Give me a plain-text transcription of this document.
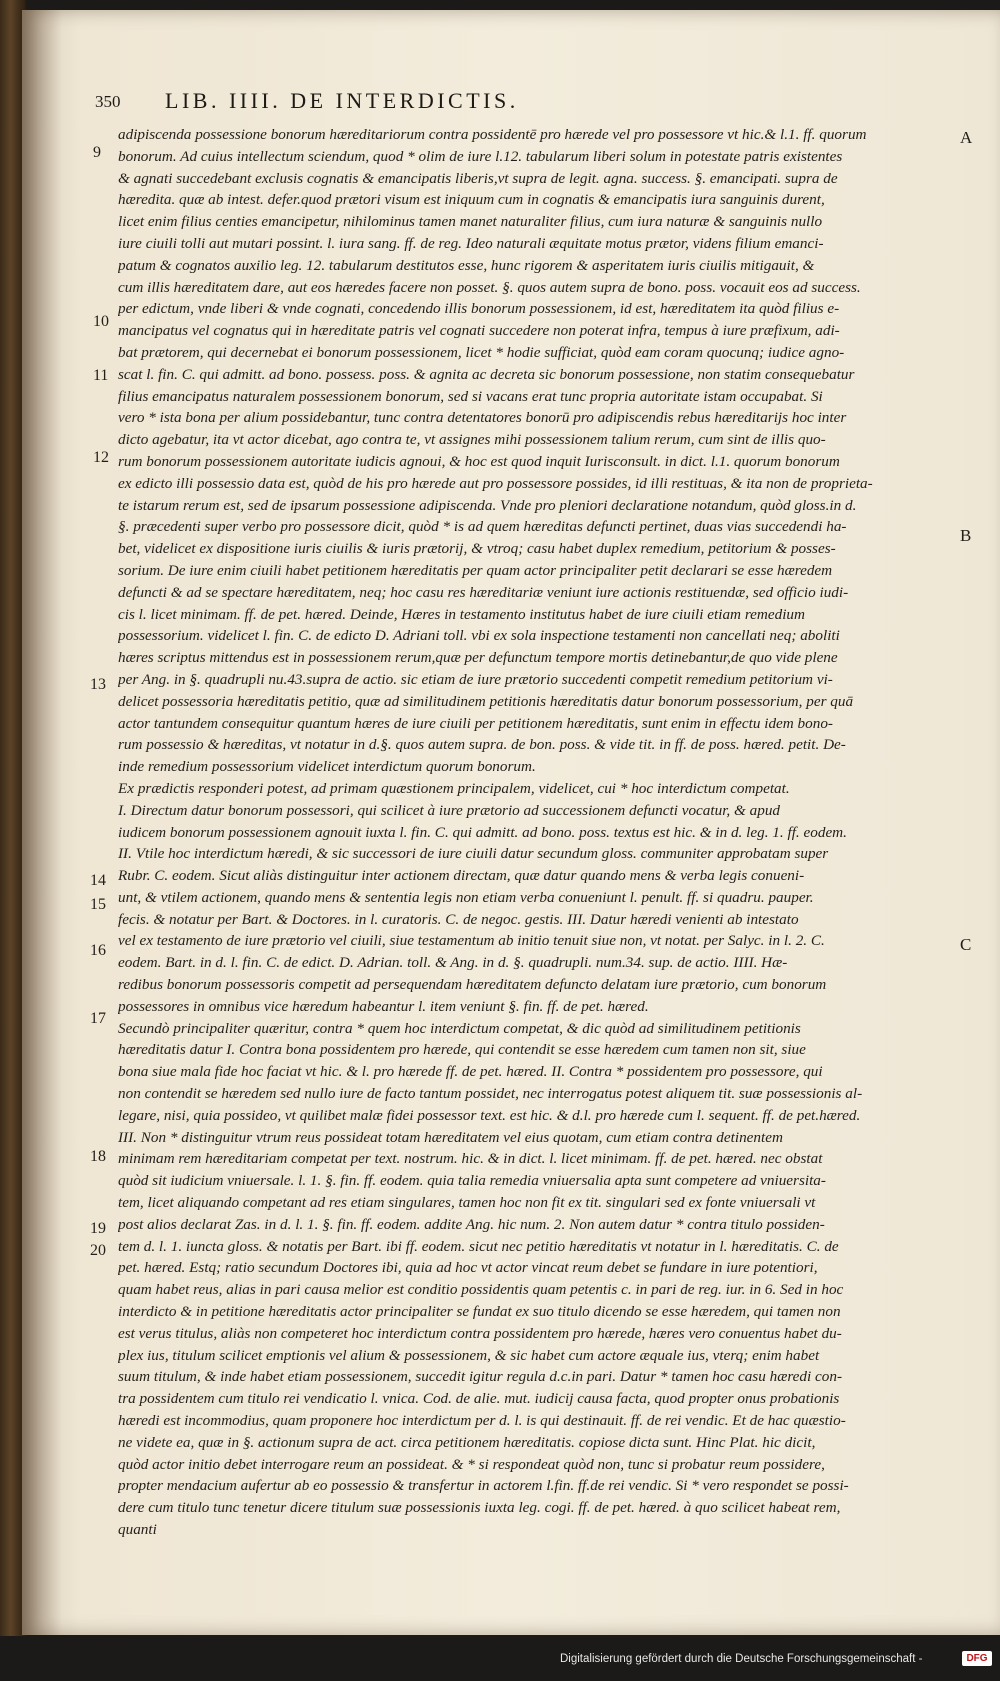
350 LIB. IIII. DE INTERDICTIS.
adipiscenda possessione bonorum hæreditariorum contra possidentē pro hærede vel pro possessore vt hic.& l.1. ff. quorum
bonorum. Ad cuius intellectum sciendum, quod * olim de iure l.12. tabularum liberi solum in potestate patris existentes
& agnati succedebant exclusis cognatis & emancipatis liberis,vt supra de legit. agna. success. §. emancipati. supra de
hæredita. quæ ab intest. defer.quod prætori visum est iniquum cum in cognatis & emancipatis iura sanguinis durent,
licet enim filius centies emancipetur, nihilominus tamen manet naturaliter filius, cum iura naturæ & sanguinis nullo
iure ciuili tolli aut mutari possint. l. iura sang. ff. de reg. Ideo naturali æquitate motus prætor, videns filium emanci-
patum & cognatos auxilio leg. 12. tabularum destitutos esse, hunc rigorem & asperitatem iuris ciuilis mitigauit, &
cum illis hæreditatem dare, aut eos hæredes facere non posset. §. quos autem supra de bono. poss. vocauit eos ad success.
per edictum, vnde liberi & vnde cognati, concedendo illis bonorum possessionem, id est, hæreditatem ita quòd filius e-
mancipatus vel cognatus qui in hæreditate patris vel cognati succedere non poterat infra, tempus à iure præfixum, adi-
bat prætorem, qui decernebat ei bonorum possessionem, licet * hodie sufficiat, quòd eam coram quocunq; iudice agno-
scat l. fin. C. qui admitt. ad bono. possess. poss. & agnita ac decreta sic bonorum possessione, non statim consequebatur
filius emancipatus naturalem possessionem bonorum, sed si vacans erat tunc propria autoritate istam occupabat. Si
vero * ista bona per alium possidebantur, tunc contra detentatores bonorū pro adipiscendis rebus hæreditarijs hoc inter
dicto agebatur, ita vt actor dicebat, ago contra te, vt assignes mihi possessionem talium rerum, cum sint de illis quo-
rum bonorum possessionem autoritate iudicis agnoui, & hoc est quod inquit Iurisconsult. in dict. l.1. quorum bonorum
ex edicto illi possessio data est, quòd de his pro hærede aut pro possessore possides, id illi restituas, & ita non de proprieta-
te istarum rerum est, sed de ipsarum possessione adipiscenda. Vnde pro pleniori declaratione notandum, quòd gloss.in d.
§. præcedenti super verbo pro possessore dicit, quòd * is ad quem hæreditas defuncti pertinet, duas vias succedendi ha-
bet, videlicet ex dispositione iuris ciuilis & iuris prætorij, & vtroq; casu habet duplex remedium, petitorium & posses-
sorium. De iure enim ciuili habet petitionem hæreditatis per quam actor principaliter petit declarari se esse hæredem
defuncti & ad se spectare hæreditatem, neq; hoc casu res hæreditariæ veniunt iure actionis restituendæ, sed officio iudi-
cis l. licet minimam. ff. de pet. hæred. Deinde, Hæres in testamento institutus habet de iure ciuili etiam remedium
possessorium. videlicet l. fin. C. de edicto D. Adriani toll. vbi ex sola inspectione testamenti non cancellati neq; aboliti
hæres scriptus mittendus est in possessionem rerum,quæ per defunctum tempore mortis detinebantur,de quo vide plene
per Ang. in §. quadrupli nu.43.supra de actio. sic etiam de iure prætorio succedenti competit remedium petitorium vi-
delicet possessoria hæreditatis petitio, quæ ad similitudinem petitionis hæreditatis datur bonorum possessorium, per quā
actor tantundem consequitur quantum hæres de iure ciuili per petitionem hæreditatis, sunt enim in effectu idem bono-
rum possessio & hæreditas, vt notatur in d.§. quos autem supra. de bon. poss. & vide tit. in ff. de poss. hæred. petit. De-
inde remedium possessorium videlicet interdictum quorum bonorum.
Ex prædictis responderi potest, ad primam quæstionem principalem, videlicet, cui * hoc interdictum competat.
I. Directum datur bonorum possessori, qui scilicet à iure prætorio ad successionem defuncti vocatur, & apud
iudicem bonorum possessionem agnouit iuxta l. fin. C. qui admitt. ad bono. poss. textus est hic. & in d. leg. 1. ff. eodem.
II. Vtile hoc interdictum hæredi, & sic successori de iure ciuili datur secundum gloss. communiter approbatam super
Rubr. C. eodem. Sicut aliàs distinguitur inter actionem directam, quæ datur quando mens & verba legis conueni-
unt, & vtilem actionem, quando mens & sententia legis non etiam verba conueniunt l. penult. ff. si quadru. pauper.
fecis. & notatur per Bart. & Doctores. in l. curatoris. C. de negoc. gestis. III. Datur hæredi venienti ab intestato
vel ex testamento de iure prætorio vel ciuili, siue testamentum ab initio tenuit siue non, vt notat. per Salyc. in l. 2. C.
eodem. Bart. in d. l. fin. C. de edict. D. Adrian. toll. & Ang. in d. §. quadrupli. num.34. sup. de actio. IIII. Hæ-
redibus bonorum possessoris competit ad persequendam hæreditatem defuncto delatam iure prætorio, cum bonorum
possessores in omnibus vice hæredum habeantur l. item veniunt §. fin. ff. de pet. hæred.
Secundò principaliter quæritur, contra * quem hoc interdictum competat, & dic quòd ad similitudinem petitionis
hæreditatis datur I. Contra bona possidentem pro hærede, qui contendit se esse hæredem cum tamen non sit, siue
bona siue mala fide hoc faciat vt hic. & l. pro hærede ff. de pet. hæred. II. Contra * possidentem pro possessore, qui
non contendit se hæredem sed nullo iure de facto tantum possidet, nec interrogatus potest aliquem tit. suæ possessionis al-
legare, nisi, quia possideo, vt quilibet malæ fidei possessor text. est hic. & d.l. pro hærede cum l. sequent. ff. de pet.hæred.
III. Non * distinguitur vtrum reus possideat totam hæreditatem vel eius quotam, cum etiam contra detinentem
minimam rem hæreditariam competat per text. nostrum. hic. & in dict. l. licet minimam. ff. de pet. hæred. nec obstat
quòd sit iudicium vniuersale. l. 1. §. fin. ff. eodem. quia talia remedia vniuersalia apta sunt competere ad vniuersita-
tem, licet aliquando competant ad res etiam singulares, tamen hoc non fit ex tit. singulari sed ex fonte vniuersali vt
post alios declarat Zas. in d. l. 1. §. fin. ff. eodem. addite Ang. hic num. 2. Non autem datur * contra titulo possiden-
tem d. l. 1. iuncta gloss. & notatis per Bart. ibi ff. eodem. sicut nec petitio hæreditatis vt notatur in l. hæreditatis. C. de
pet. hæred. Estq; ratio secundum Doctores ibi, quia ad hoc vt actor vincat reum debet se fundare in iure potentiori,
quam habet reus, alias in pari causa melior est conditio possidentis quam petentis c. in pari de reg. iur. in 6. Sed in hoc
interdicto & in petitione hæreditatis actor principaliter se fundat ex suo titulo dicendo se esse hæredem, qui tamen non
est verus titulus, aliàs non competeret hoc interdictum contra possidentem pro hærede, hæres vero conuentus habet du-
plex ius, titulum scilicet emptionis vel alium & possessionem, & sic habet cum actore æquale ius, vterq; enim habet
suum titulum, & inde habet etiam possessionem, succedit igitur regula d.c.in pari. Datur * tamen hoc casu hæredi con-
tra possidentem cum titulo rei vendicatio l. vnica. Cod. de alie. mut. iudicij causa facta, quod propter onus probationis
hæredi est incommodius, quam proponere hoc interdictum per d. l. is qui destinauit. ff. de rei vendic. Et de hac quæstio-
ne videte ea, quæ in §. actionum supra de act. circa petitionem hæreditatis. copiose dicta sunt. Hinc Plat. hic dicit,
quòd actor initio debet interrogare reum an possideat. & * si respondeat quòd non, tunc si probatur reum possidere,
propter mendacium aufertur ab eo possessio & transfertur in actorem l.fin. ff.de rei vendic. Si * vero respondet se possi-
dere cum titulo tunc tenetur dicere titulum suæ possessionis iuxta leg. cogi. ff. de pet. hæred. à quo scilicet habeat rem,
quanti
9
10
11
12
13
14
15
16
17
18
19
20
A
B
C
Digitalisierung gefördert durch die Deutsche Forschungsgemeinschaft -	DFG
